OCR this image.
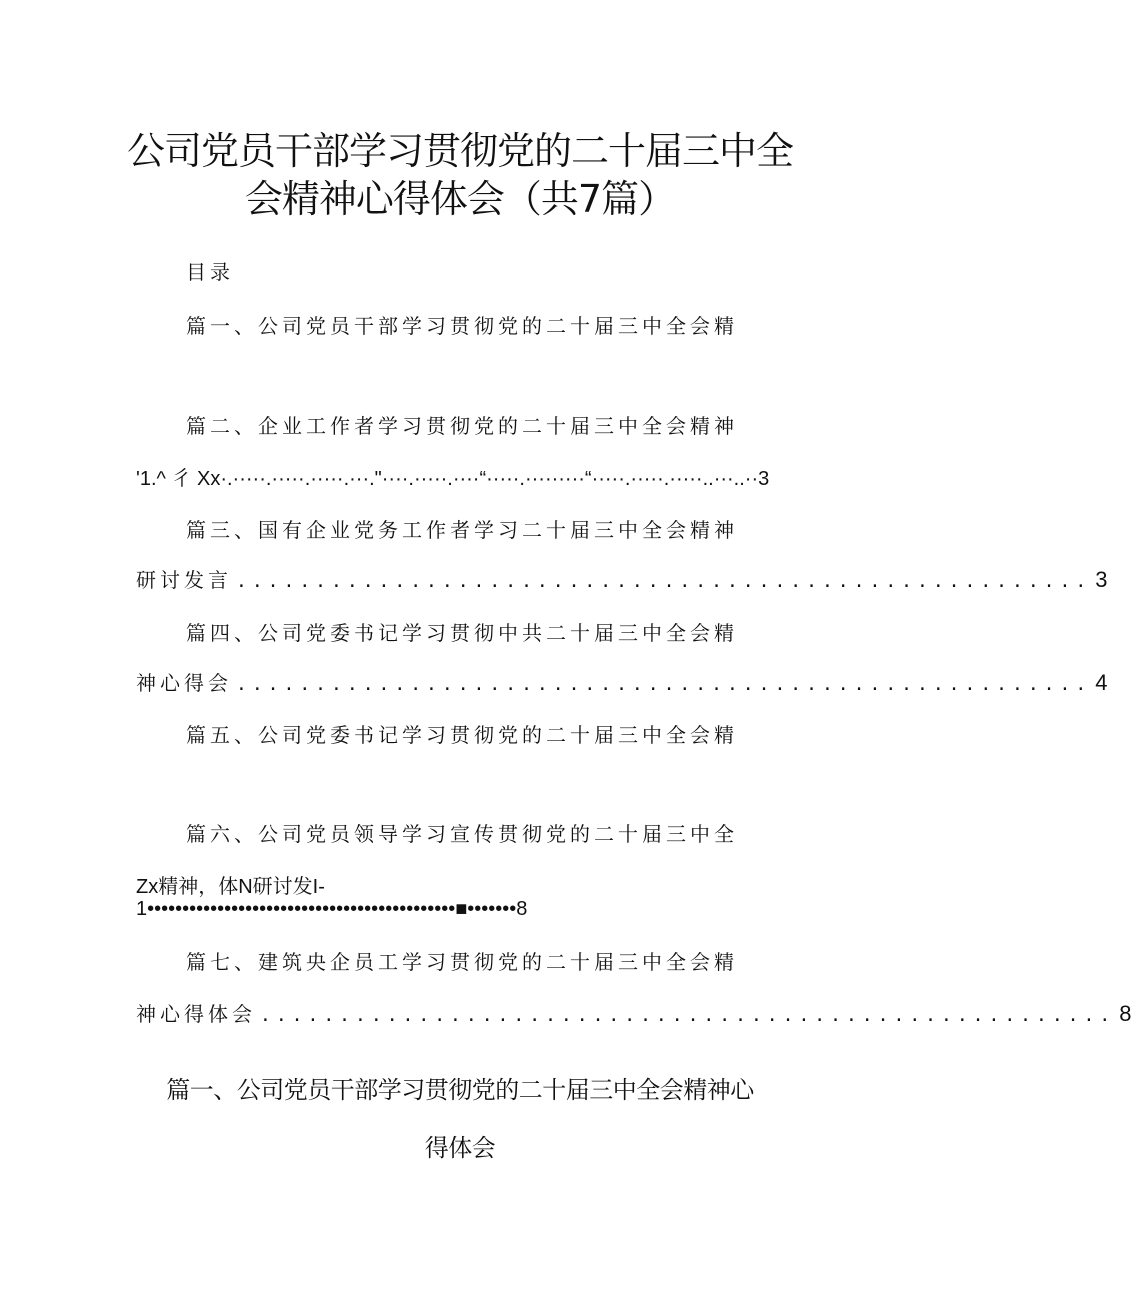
公司党员干部学习贯彻党的二十届三中全
会精神心得体会（共7篇）
目录
篇一、公司党员干部学习贯彻党的二十届三中全会精
篇二、企业工作者学习贯彻党的二十届三中全会精神
'1.^ 彳 Xx·.·····.·····.·····.···."····.·····.····“·····.·········“·····.·····.·····..···..··3
篇三、国有企业党务工作者学习二十届三中全会精神
研讨发言 ...................................................... 3
篇四、公司党委书记学习贯彻中共二十届三中全会精
神心得会 ...................................................... 4
篇五、公司党委书记学习贯彻党的二十届三中全会精
篇六、公司党员领导学习宣传贯彻党的二十届三中全
Zx精神，体N研讨发I-
1••••••••••••••••••••••••••••••••••••••••••••■•••••••8
篇七、建筑央企员工学习贯彻党的二十届三中全会精
神心得体会 ...................................................... 8
篇一、公司党员干部学习贯彻党的二十届三中全会精神心
得体会
